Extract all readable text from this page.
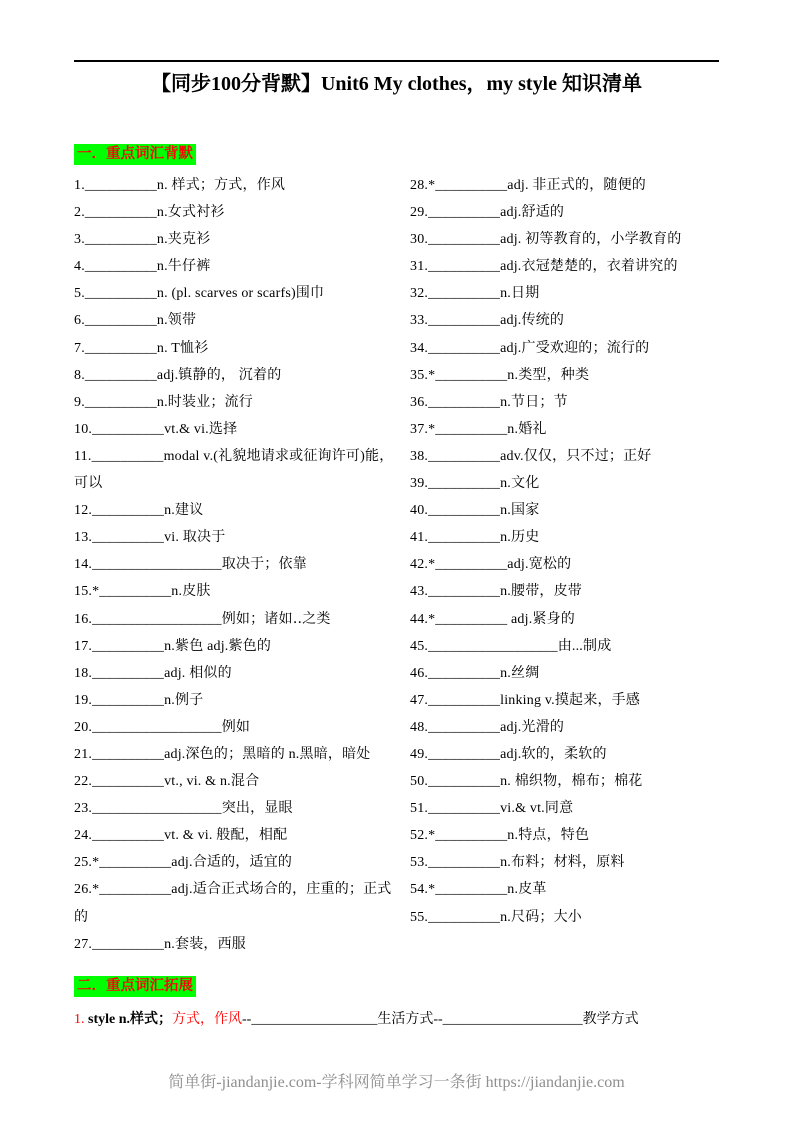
【同步100分背默】Unit6 My clothes，my style 知识清单
一．重点词汇背默
1.__________n. 样式；方式，作风
2.__________n.女式衬衫
3.__________n.夹克衫
4.__________n.牛仔裤
5.__________n. (pl. scarves or scarfs)围巾
6.__________n.领带
7.__________n. T恤衫
8.__________adj.镇静的， 沉着的
9.__________n.时装业；流行
10.__________vt.& vi.选择
11.__________modal v.(礼貌地请求或征询许可)能，可以
12.__________n.建议
13.__________vi. 取决于
14.__________________取决于；依靠
15.*__________n.皮肤
16.__________________例如；诸如‥之类
17.__________n.紫色 adj.紫色的
18.__________adj. 相似的
19.__________n.例子
20.__________________例如
21.__________adj.深色的；黑暗的 n.黑暗，暗处
22.__________vt., vi. & n.混合
23.__________________突出，显眼
24.__________vt. & vi. 般配，相配
25.*__________adj.合适的，适宜的
26.*__________adj.适合正式场合的，庄重的；正式的
27.__________n.套装，西服
28.*__________adj. 非正式的，随便的
29.__________adj.舒适的
30.__________adj. 初等教育的，小学教育的
31.__________adj.衣冠楚楚的，衣着讲究的
32.__________n.日期
33.__________adj.传统的
34.__________adj.广受欢迎的；流行的
35.*__________n.类型，种类
36.__________n.节日；节
37.*__________n.婚礼
38.__________adv.仅仅，只不过；正好
39.__________n.文化
40.__________n.国家
41.__________n.历史
42.*__________adj.宽松的
43.__________n.腰带，皮带
44.*__________ adj.紧身的
45.__________________由...制成
46.__________n.丝绸
47.__________linking v.摸起来，手感
48.__________adj.光滑的
49.__________adj.软的，柔软的
50.__________n. 棉织物，棉布；棉花
51.__________vi.& vt.同意
52.*__________n.特点，特色
53.__________n.布料；材料，原料
54.*__________n.皮革
55.__________n.尺码；大小
二．重点词汇拓展
1. style n.样式；方式，作风--__________________生活方式--____________________教学方式
简单街-jiandanjie.com-学科网简单学习一条街 https://jiandanjie.com
